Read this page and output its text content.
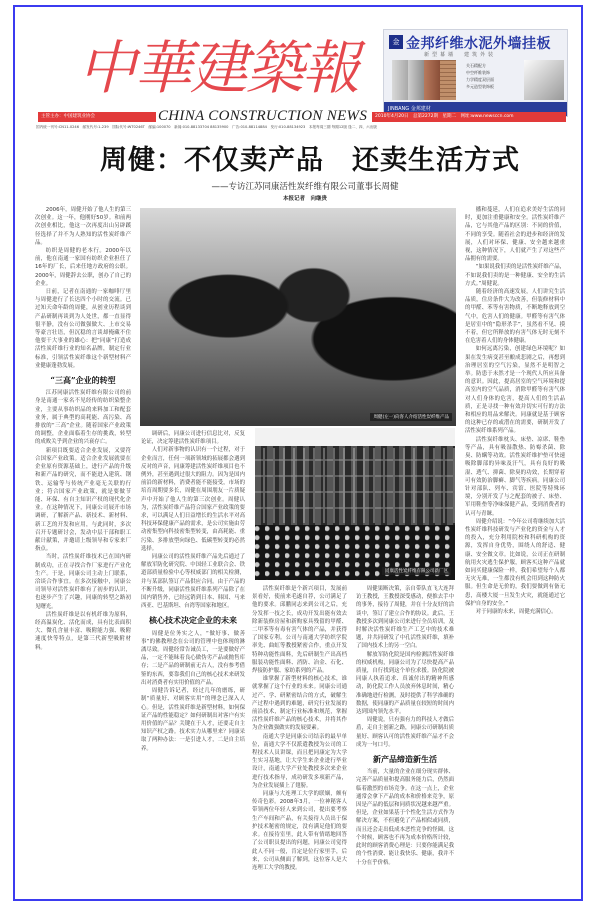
中華建築報	金 金邦纤维水泥外墙挂板
新型幕墙　建筑外装
关石精配方
中空纤维装饰
力学精度双层面
多元造型装饰板
JINBANG 金邦建材
主管主办：中国建筑业协会	CHINA CONSTRUCTION NEWS	2010年4月20日　总第2272期　星期二　网址:www.newsccn.com
国内统一刊号:CN11-0246　邮发代号:1-239　国际代号:WT0246T　邮编:100070　新闻:010-88133704 88135900　广告:010-88114884　发行:010-88134923　本报每周三期 每期12版 逢二、四、六出版
周健：不仅卖产品　还卖生活方式
——专访江苏同康活性炭纤维有限公司董事长周健
本报记者　向继贵

2006年，周健开始了他人生的第三次创业。这一年，他刚好50岁。和前两次创业相比，他这一次再度出山另辟蹊径选择了并不为人熟知的活性炭纤维产品。

纺织是周健的老本行。2000年以前，他在南通一家国有纺织企业担任了16年的厂长，后来任地方政府的公职。2000年，周健辞去公职，创办了自己的企业。

日前，记者在南通的一家咖啡厅里与周健进行了长达四个小时的交流。已过知天命年龄的周健，从创业历程谈到产品研制再谈到为人处世，都一直显得很平静，没有公司做强做大、上市交易等豪言壮语，但沉稳的言谈却掩藏不住他要干大事业的雄心：把“同康”打造成活性炭纤维行业的知名品牌，制定行业标准，引领活性炭纤维这个新型材料产业健康蓬勃发展。

“三高”企业的转型

江苏同康活性炭纤维有限公司的前身是南通一家名不见经传的纺织染整企业，主要从事纺织品的来料加工和配套业务，属于典型的高耗能、高污染、高排放的“三高”企业。随着国家产业政策的调整，企业面临着生存的挑战，转型的成败关乎到企业的兴衰存亡。

新项目既要适合企业发展，又要符合国家产业政策。适合企业发展就要在企业原有资源基础上，进行产品的升级和新产品的研究，而不能进入建筑、钢铁、运输等与传统产业毫无关联的行业；符合国家产业政策，就是要做节能、环保、有自主知识产权的现代化企业。在这种情况下，同康公司展开市场调研，了解新产品、新技术、新材料、新工艺的开发和应用，与此同时，多次召开专题研讨会，发动中层干部和职工献计献策，并邀请上级领导和专家来厂指点。

当时，活性炭纤维技术已在国内研制成功，正在寻找合作厂家进行产业化生产。于是，同康公司主动上门联系，洽谈合作事宜。在多次接触中，同康公司领导对活性炭纤维有了初步的认识，也逐步产生了兴趣，同康的转型之路初见曙光。

活性炭纤维是以有机纤维为原料，经高温炭化、活化而成，具有比表面积大、微孔含量丰富、吸附能力强、吸附速度快等特点，是第三代新型吸附材料。

周健(左一)向客人介绍活性炭纤维产品

调研后，同康公司进行信息比对，反复论证，决定筹建活性炭纤维项目。

人们对新事物的认识有一个过程，对于企业而言，任何一项新领域的拓展都会遇到反对的声音，同康筹建活性炭纤维项目也不例外，甚至遇到过很大的阻力。因为是国内前沿的新材料，消费者能不能接受，市场的培育周期要多长，周健在周围朋友一片质疑声中开始了他人生的第三次创业。周健认为，活性炭纤维产品符合国家产业政策的要求，可以满足人们日益增长的生活水平对高科技环保健康产品的需求，是公司实施由劳动密集型向科技密集型转变，由高耗能、重污染、多排放型向绿色、低碳型转变的必然选择。

同康公司的活性炭纤维产品先后通过了解放军防化研究院、中国轻工业联合会、铁道部质量检验中心等权威部门的相关检测，并与某部队签订产品供应合同。由于产品的不断升级，同康活性炭纤维系列产品除了在国内销售外，已经远销到日本、韩国、马来西亚、巴基斯坦、台湾等国家和地区。

核心技术决定企业的未来

周健是位务实之人，“做好事、做善事”的佛教理念在公司的管理中也体现的淋漓尽致。周健经常告诫员工，一是要做好产品，一定不能昧着良心做伪劣产品或抛售库存；二是产品的研制前无古人，没有参考借鉴的东西，要靠我们自己的核心技术来研发出对消费者有实用价值的产品。

周健告诉记者，经过几年的磨练，研制“质量好、对顾客实用”的理念已深入人心。但是，活性炭纤维是新型材料，如何保证产品的性能稳定？如何研制出对客户有实用价值的产品？关键在于人才，还要走自主知识产权之路。技术实力从哪里来？同康采取了两种办法：一是引进人才，二是自主培养。

同康活性炭纤维有限公司新厂区

活性炭纤维是个新兴项目，发展前景看好，使前来毛遂自荐，公司满足了他的要求。邱鹏同志来到公司之后，充分发挥一技之长，成功开发出能有效去除新装修房屋和新购家具残留的甲醛、二甲苯等有毒有害气体的产品，并获得了国家专利。公司与南通大学纺织学院率先、曲虹等教授紧密合作，重点开发特种功能性面料，先后研制生产出高档服装功能性面料、消防、冶金、石化、焊接防护服、家纺系列的产品。

谁掌握了新型材料的核心技术，谁就掌握了这个行业的未来。同康公司通过产、学、研紧密结合的方式，破解生产过程中遇到的难题，研究行业发展的前沿技术，制定行业标准和规范，掌握活性炭纤维产品的核心技术，并将其作为企业做强做实的发展要素。

南通大学是同康公司结亲的最早单位，南通大学不仅派遣教授为公司的工程技术人员讲课，而且把同康定为大学生实习基地，让大学生来企业进行毕业设计，南通大学产业处教授多次来企业进行技术指导，成功研发多项新产品，为企业发展插上了翅膀。

同康与大连理工大学的联姻，颇有传奇色彩。2008年3月，一位神秘客人带领两位年轻人来到公司，提出要考察生产车间和产品，有关接待人员出于保护技术秘密的规定，没有满足他们的要求。在接待室里，此人带有情绪地回答了公司职员提出的问题，同康公司觉得此人不同一般，肯定是位行家里手，后来，公司从侧面了解到，这位客人是大连理工大学的教授。

周健果断决策，亲自带队直飞大连拜访王教授，王教授深受感动，便推去手中的事务，接待了周健，并在十分友好的洽谈中，签订了建立合作的协议。此后，王教授多次到同康公司来进行全员培训，及时解决活性炭纤维生产工艺中的技术难题，并共同研发了中孔活性炭纤维，填补了国内技术上的另一空白。

解放军防化院是国内检测活性炭纤维的权威机构，同康公司为了尽快提高产品质量，自行找到这个单位求援。防化院被同康人执着追求、真诚付出的精神所感动，防化院工作人员放弃休息时间，精心准确地进行检测，及时提供了科学准确的数据，使同康的产品质量在较短的时间内达到国内领先水平。

周健说，只有强有力的科技人才做后盾，走自主创新之路，同康公司研制出质量好、顾客认可的活性炭纤维产品才不会成为一句口号。

新产品缔造新生活

当前，大量的企业在细分现实群体、完善产品质量和提高服务能力后，仍然面临着激烈的市场竞争。在这一点上，企业通常会拿下产品的成本和价格来竞争，原因是产品的低层和同质状况越来越严重。但是，企业如果基于个性化生活方式作为解决方案，不但避免了产品相似或同质，而且还会走出低成本恶性竞争的怪圈。这个时候，顾客也不再为成本价格所计较，此时的顾客消费心理是：只要你能满足我的个性消费、能让我快乐、健康，我并不十分在乎价格。

播和蔓延，人们在追求美好生活的同时，更加注重健康和安全。活性炭纤维产品，它与其他产品的区别：不同的价值，不同的享受。随着社会的进步和经济的发展，人们对环保、健康、安全越来越重视，这种情况下，人们就产生了对这些产品拥有的需要。

“如果说我们卖的是活性炭纤维产品，不如说我们卖的是一种健康、安全的生活方式。”周健说。

随着经济的高速发展，人们讲究生活品质，住房条件大为改善，但装修材料中的甲醛、苯等有害物质，不断地释放到空气中，危害人们的健康。甲醛等有害气体是居室中的“隐形杀手”，虽然看不见、摸不着，但它所释放的有害气体无时无刻不在危害着人们的身体健康。

如何远离污染，创建绿色环境呢？如果在发生病变甚至酿成悲剧之后，再想到治理居室的空气污染，显然不是明智之举。防患于未然才是一个现代人所应具备的意识。因此，提高居室的空气环境和提高室内的空气品质，消除甲醛等有害气体对人们身体的危害，提高人们的生活品质，正是寻找一种有效并切实可行的方法和相应的用品来解决。同康就是基于顾客的这种已存的或潜在的需要，研制开发了活性炭纤维系列产品。

活性炭纤维枕头、床垫、凉席、鞋垫等产品，具有吸湿散热、防霉杀菌、除臭、防螨等功效。活性炭纤维护垫可快速吸除脚部的异味及汗气，具有良好的吸湿、透气、抑菌、除臭的功效，长期穿着可有效防治脚癣、脚气等疾病。同康公司针对部队、列车、宾馆、医院等特殊环境，分别开发了与之配套的被子、床垫、军用鞋垫等净味保健产品，受到消费者的认可与青睐。

周健介绍说：“今年公司将继续加大活性炭纤维科技研发与产业化的资金与人才的投入，充分利用院校和科研机构的资源，发挥自身优势，围绕人的舒适、健康、安全做文章。比如说，公司正在研制航用火灾逃生保护服，顾客买这种产品就如同买健康保险一样，我们希望每个人都无灾无难，一生都没有机会用到这种防火服。但生命是无价的，我们要做到有备无患，高楼大厦一旦发生火灾，就能通过它保护自身的安全。”

对于同康的未来，周健充满信心。
